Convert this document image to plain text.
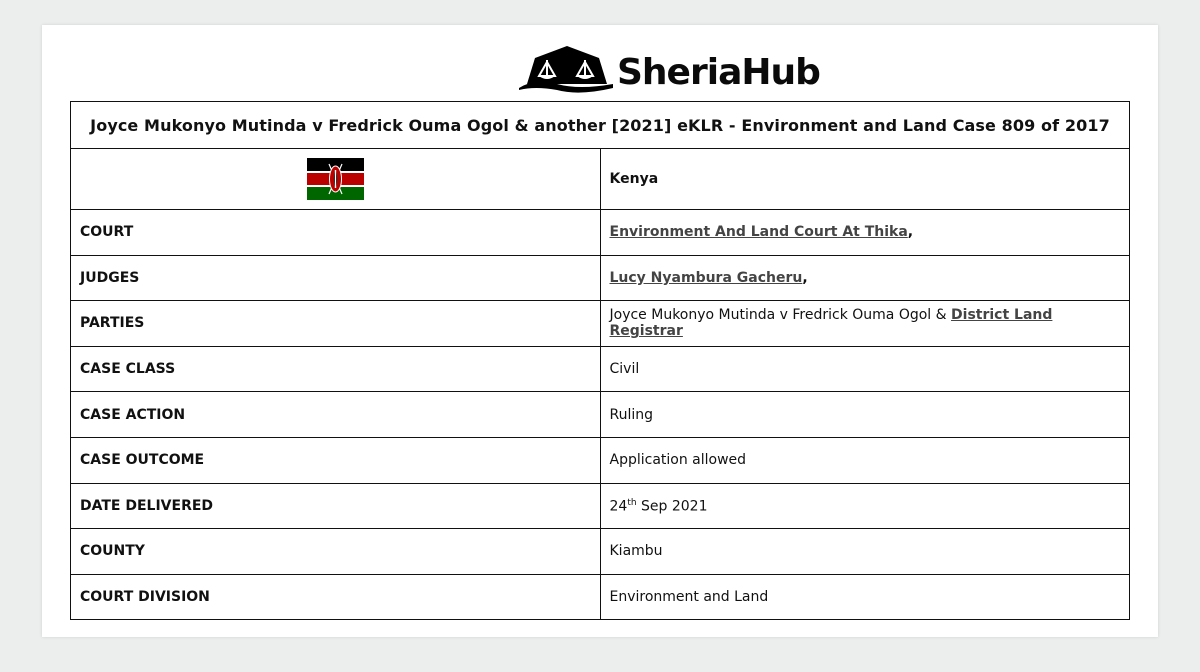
SheriaHub
Joyce Mukonyo Mutinda v Fredrick Ouma Ogol & another [2021] eKLR - Environment and Land Case 809 of 2017	
	Kenya
COURT	Environment And Land Court At Thika,
JUDGES	Lucy Nyambura Gacheru,
PARTIES	Joyce Mukonyo Mutinda v Fredrick Ouma Ogol & District Land Registrar
CASE CLASS	Civil
CASE ACTION	Ruling
CASE OUTCOME	Application allowed
DATE DELIVERED	24th Sep 2021
COUNTY	Kiambu
COURT DIVISION	Environment and Land
